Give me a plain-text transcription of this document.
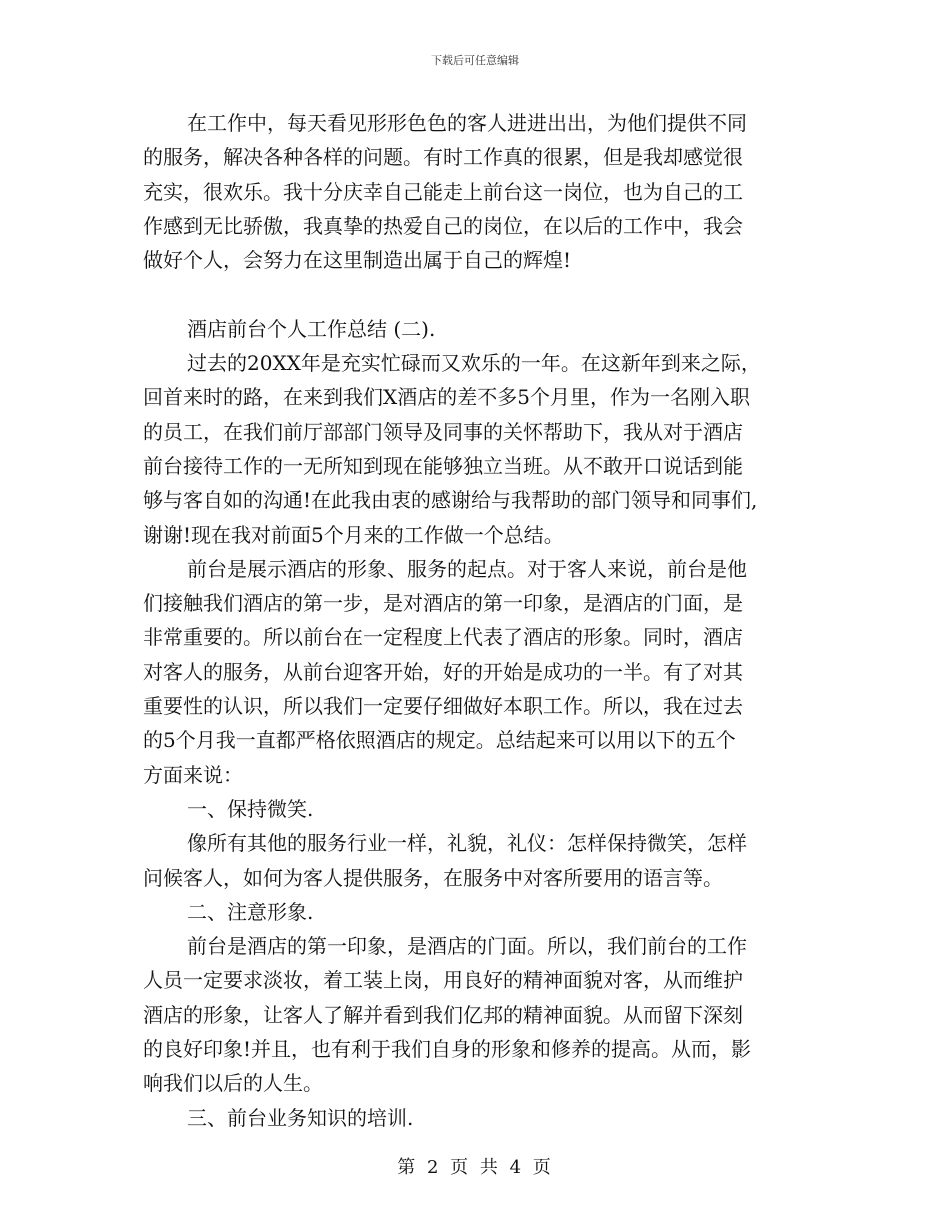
下载后可任意编辑
在工作中，每天看见形形色色的客人进进出出，为他们提供不同
的服务，解决各种各样的问题。有时工作真的很累，但是我却感觉很
充实，很欢乐。我十分庆幸自己能走上前台这一岗位，也为自己的工
作感到无比骄傲，我真挚的热爱自己的岗位，在以后的工作中，我会
做好个人，会努力在这里制造出属于自己的辉煌!
酒店前台个人工作总结 (二).
过去的20XX年是充实忙碌而又欢乐的一年。在这新年到来之际，
回首来时的路，在来到我们X酒店的差不多5个月里，作为一名刚入职
的员工，在我们前厅部部门领导及同事的关怀帮助下，我从对于酒店
前台接待工作的一无所知到现在能够独立当班。从不敢开口说话到能
够与客自如的沟通!在此我由衷的感谢给与我帮助的部门领导和同事们,
谢谢!现在我对前面5个月来的工作做一个总结。
前台是展示酒店的形象、服务的起点。对于客人来说，前台是他
们接触我们酒店的第一步，是对酒店的第一印象，是酒店的门面，是
非常重要的。所以前台在一定程度上代表了酒店的形象。同时，酒店
对客人的服务，从前台迎客开始，好的开始是成功的一半。有了对其
重要性的认识，所以我们一定要仔细做好本职工作。所以，我在过去
的5个月我一直都严格依照酒店的规定。总结起来可以用以下的五个
方面来说：
一、保持微笑.
像所有其他的服务行业一样，礼貌，礼仪：怎样保持微笑，怎样
问候客人，如何为客人提供服务，在服务中对客所要用的语言等。
二、注意形象.
前台是酒店的第一印象，是酒店的门面。所以，我们前台的工作
人员一定要求淡妆，着工装上岗，用良好的精神面貌对客，从而维护
酒店的形象，让客人了解并看到我们亿邦的精神面貌。从而留下深刻
的良好印象!并且，也有利于我们自身的形象和修养的提高。从而，影
响我们以后的人生。
三、前台业务知识的培训.
第 2 页 共 4 页
